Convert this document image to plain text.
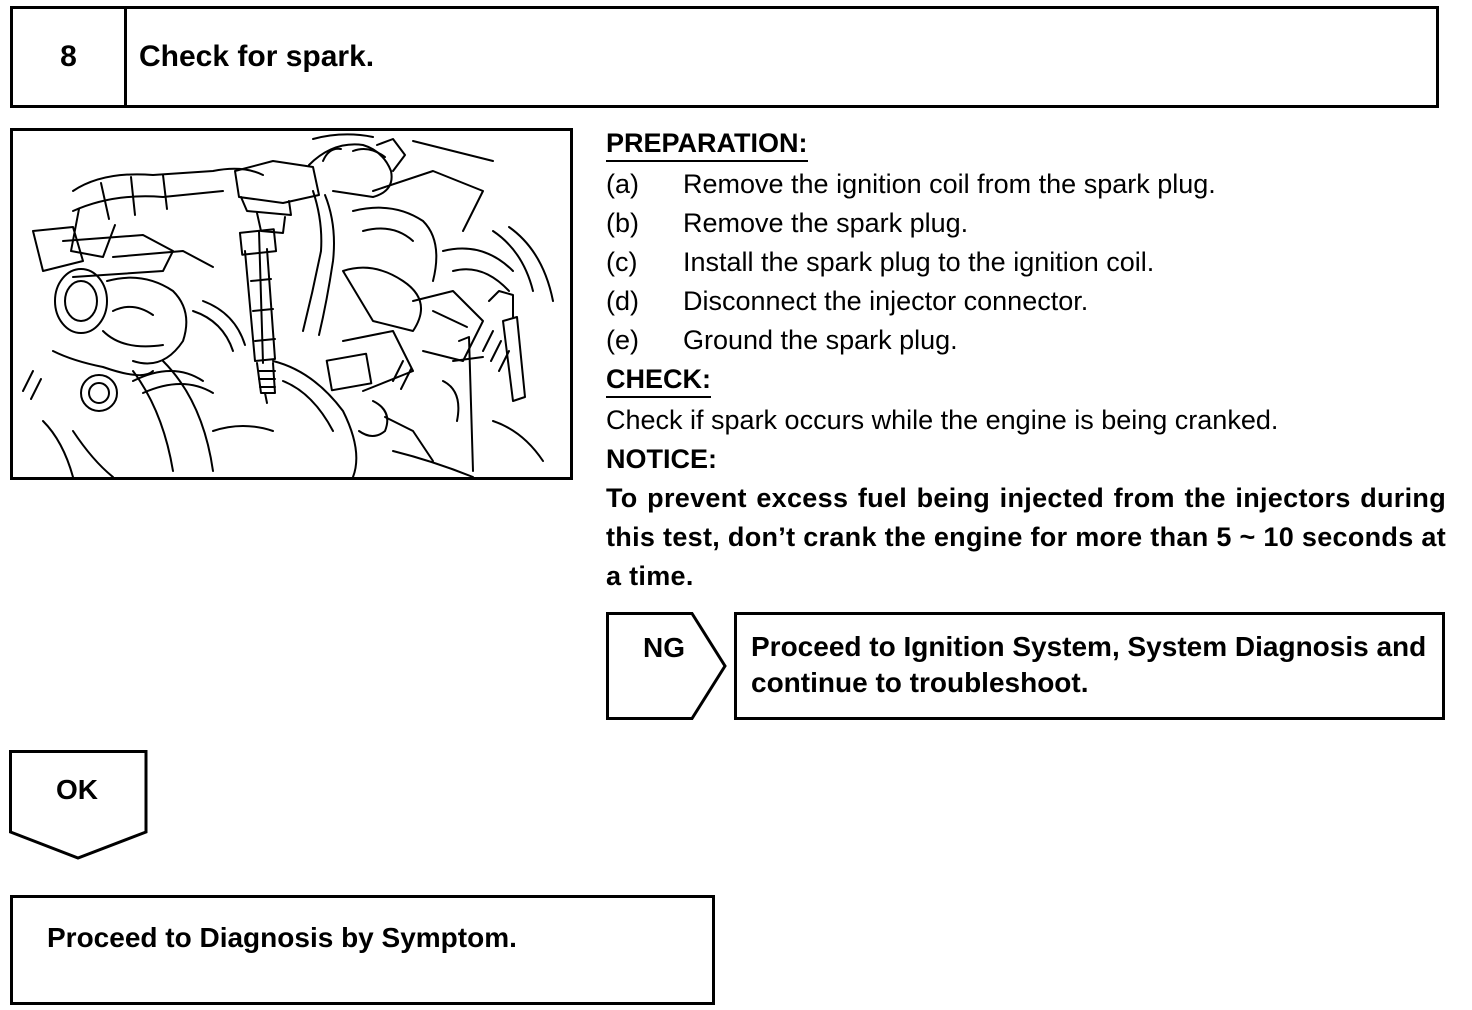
8	Check for spark.
PREPARATION:
(a)	Remove the ignition coil from the spark plug.
(b)	Remove the spark plug.
(c)	Install the spark plug to the ignition coil.
(d)	Disconnect the injector connector.
(e)	Ground the spark plug.
CHECK:
Check if spark occurs while the engine is being cranked.
NOTICE:
To prevent excess fuel being injected from the injectors during this test, don’t crank the engine for more than 5 ~ 10 seconds at a time.
NG	Proceed to Ignition System, System Diagnosis and continue to troubleshoot.
OK
Proceed to Diagnosis by Symptom.
